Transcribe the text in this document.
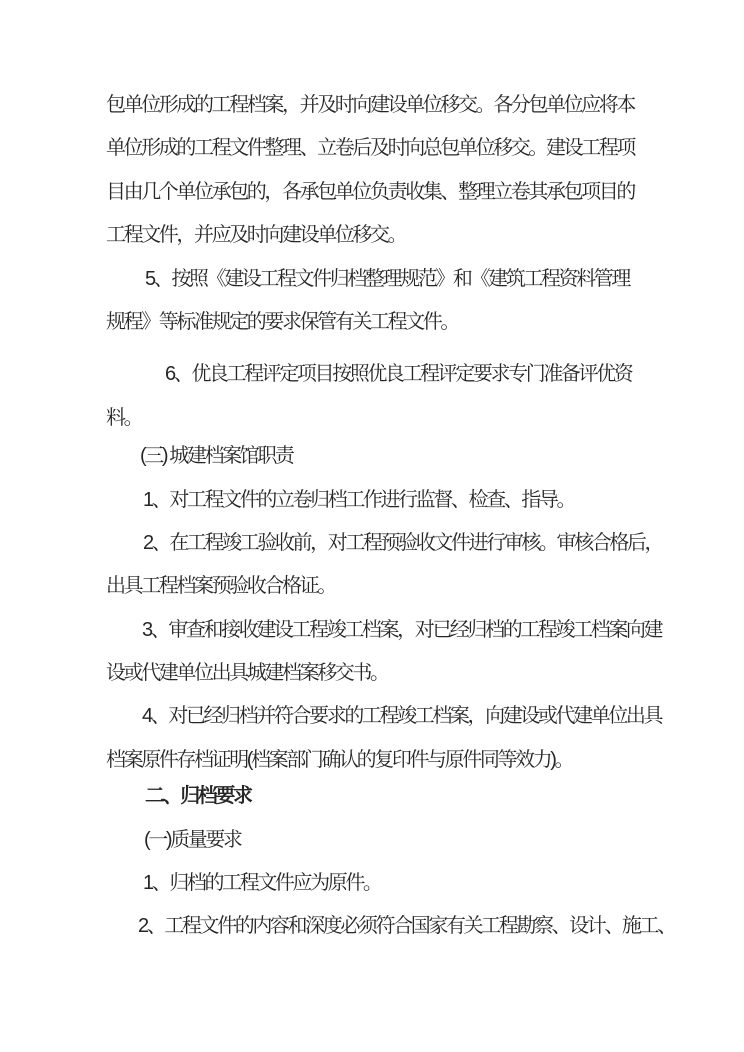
包单位形成的工程档案，并及时向建设单位移交。各分包单位应将本
单位形成的工程文件整理、立卷后及时向总包单位移交。建设工程项
目由几个单位承包的，各承包单位负责收集、整理立卷其承包项目的
工程文件，并应及时向建设单位移交。
5、按照《建设工程文件归档整理规范》和《建筑工程资料管理
规程》等标准规定的要求保管有关工程文件。
6、优良工程评定项目按照优良工程评定要求专门准备评优资
料。
(三) 城建档案馆职责
1、对工程文件的立卷归档工作进行监督、检查、指导。
2、在工程竣工验收前，对工程预验收文件进行审核。审核合格后，
出具工程档案预验收合格证。
3、审查和接收建设工程竣工档案，对已经归档的工程竣工档案向建
设或代建单位出具城建档案移交书。
4、对已经归档并符合要求的工程竣工档案，向建设或代建单位出具
档案原件存档证明(档案部门确认的复印件与原件同等效力)。
二、归档要求
(一)质量要求
1、归档的工程文件应为原件。
2、工程文件的内容和深度必须符合国家有关工程勘察、设计、施工、
